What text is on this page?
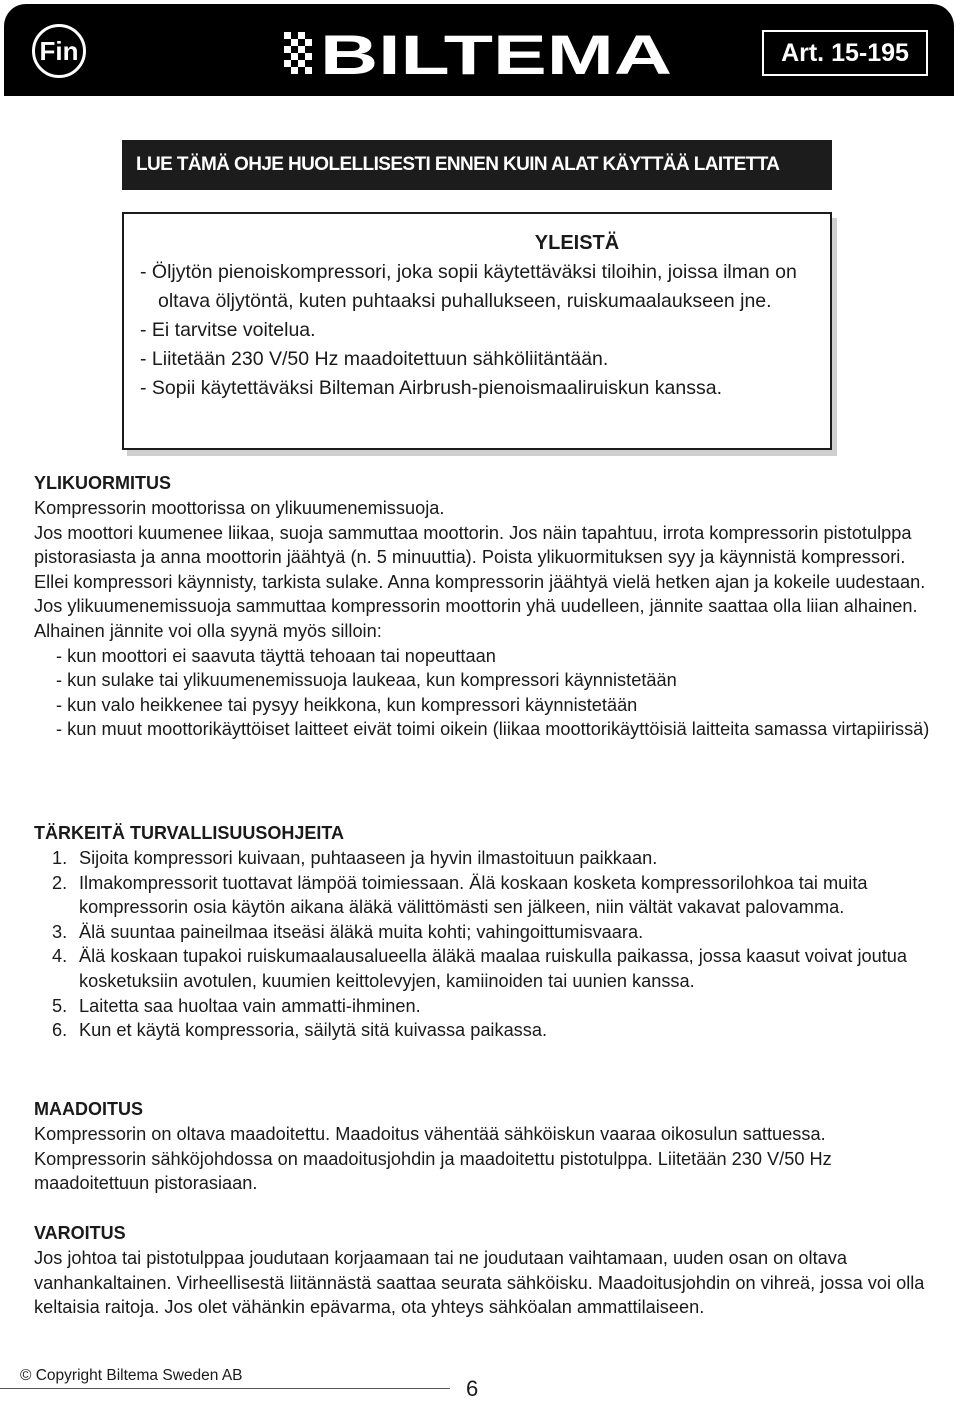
Fin	BILTEMA	Art. 15-195
LUE TÄMÄ OHJE HUOLELLISESTI ENNEN KUIN ALAT KÄYTTÄÄ LAITETTA
YLEISTÄ
- Öljytön pienoiskompressori, joka sopii käytettäväksi tiloihin, joissa ilman on oltava öljytöntä, kuten puhtaaksi puhallukseen, ruiskumaalaukseen jne.
- Ei tarvitse voitelua.
- Liitetään 230 V/50 Hz maadoitettuun sähköliitäntään.
- Sopii käytettäväksi Bilteman Airbrush-pienoismaaliruiskun kanssa.
YLIKUORMITUS

Kompressorin moottorissa on ylikuumenemissuoja.

Jos moottori kuumenee liikaa, suoja sammuttaa moottorin. Jos näin tapahtuu, irrota kompressorin pistotulppa pistorasiasta ja anna moottorin jäähtyä (n. 5 minuuttia). Poista ylikuormituksen syy ja käynnistä kompressori. Ellei kompressori käynnisty, tarkista sulake. Anna kompressorin jäähtyä vielä hetken ajan ja kokeile uudestaan. Jos ylikuumenemissuoja sammuttaa kompressorin moottorin yhä uudelleen, jännite saattaa olla liian alhainen. Alhainen jännite voi olla syynä myös silloin:

- kun moottori ei saavuta täyttä tehoaan tai nopeuttaan
- kun sulake tai ylikuumenemissuoja laukeaa, kun kompressori käynnistetään
- kun valo heikkenee tai pysyy heikkona, kun kompressori käynnistetään
- kun muut moottorikäyttöiset laitteet eivät toimi oikein (liikaa moottorikäyttöisiä laitteita samassa virtapiirissä)
TÄRKEITÄ TURVALLISUUSOHJEITA
1. Sijoita kompressori kuivaan, puhtaaseen ja hyvin ilmastoituun paikkaan.
2. Ilmakompressorit tuottavat lämpöä toimiessaan. Älä koskaan kosketa kompressorilohkoa tai muita kompressorin osia käytön aikana äläkä välittömästi sen jälkeen, niin vältät vakavat palovamma.
3. Älä suuntaa paineilmaa itseäsi äläkä muita kohti; vahingoittumisvaara.
4. Älä koskaan tupakoi ruiskumaalausalueella äläkä maalaa ruiskulla paikassa, jossa kaasut voivat joutua kosketuksiin avotulen, kuumien keittolevyjen, kamiinoiden tai uunien kanssa.
5. Laitetta saa huoltaa vain ammatti-ihminen.
6. Kun et käytä kompressoria, säilytä sitä kuivassa paikassa.
MAADOITUS

Kompressorin on oltava maadoitettu. Maadoitus vähentää sähköiskun vaaraa oikosulun sattuessa. Kompressorin sähköjohdossa on maadoitusjohdin ja maadoitettu pistotulppa. Liitetään 230 V/50 Hz maadoitettuun pistorasiaan.

VAROITUS

Jos johtoa tai pistotulppaa joudutaan korjaamaan tai ne joudutaan vaihtamaan, uuden osan on oltava vanhankaltainen. Virheellisestä liitännästä saattaa seurata sähköisku. Maadoitusjohdin on vihreä, jossa voi olla keltaisia raitoja. Jos olet vähänkin epävarma, ota yhteys sähköalan ammattilaiseen.

© Copyright Biltema Sweden AB
6
